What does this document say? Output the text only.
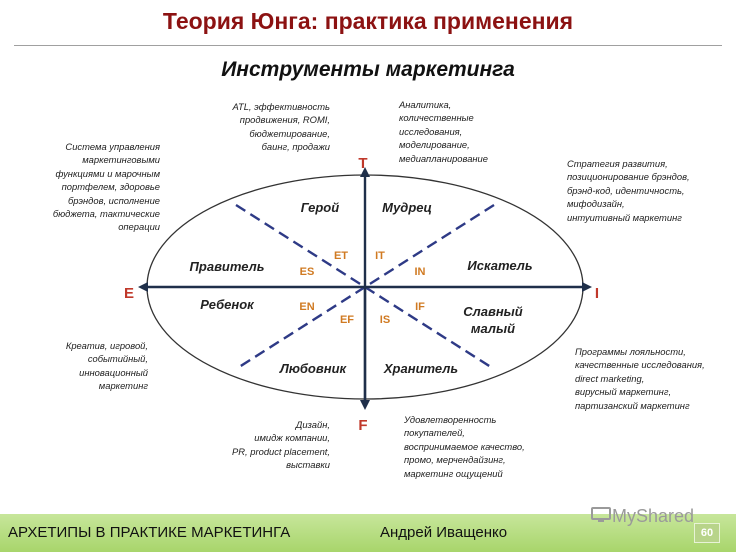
Теория Юнга: практика применения
Инструменты маркетинга
T
F
E	I
Герой	Мудрец
Правитель	Искатель
Ребенок	Славный
малый
Любовник	Хранитель
ET IT
ES	IN
EN	IF
EF IS
ATL, эффективность
продвижения, ROMI,
бюджетирование,
баинг, продажи
Аналитика,
количественные
исследования,
моделирование,
медиапланирование
Система управления
маркетинговыми
функциями и марочным
портфелем, здоровье
брэндов, исполнение
бюджета, тактические
операции
Стратегия развития,
позиционирование брэндов,
брэнд-код, идентичность,
мифодизайн,
интуитивный маркетинг
Креатив, игровой,
событийный,
инновационный
маркетинг
Программы лояльности,
качественные исследования,
direct marketing,
вирусный маркетинг,
партизанский маркетинг
Дизайн,
имидж компании,
PR, product placement,
выставки
Удовлетворенность
покупателей,
воспринимаемое качество,
промо, мерчендайзинг,
маркетинг ощущений
АРХЕТИПЫ В ПРАКТИКЕ МАРКЕТИНГА	Андрей Иващенко
MyShared
60
